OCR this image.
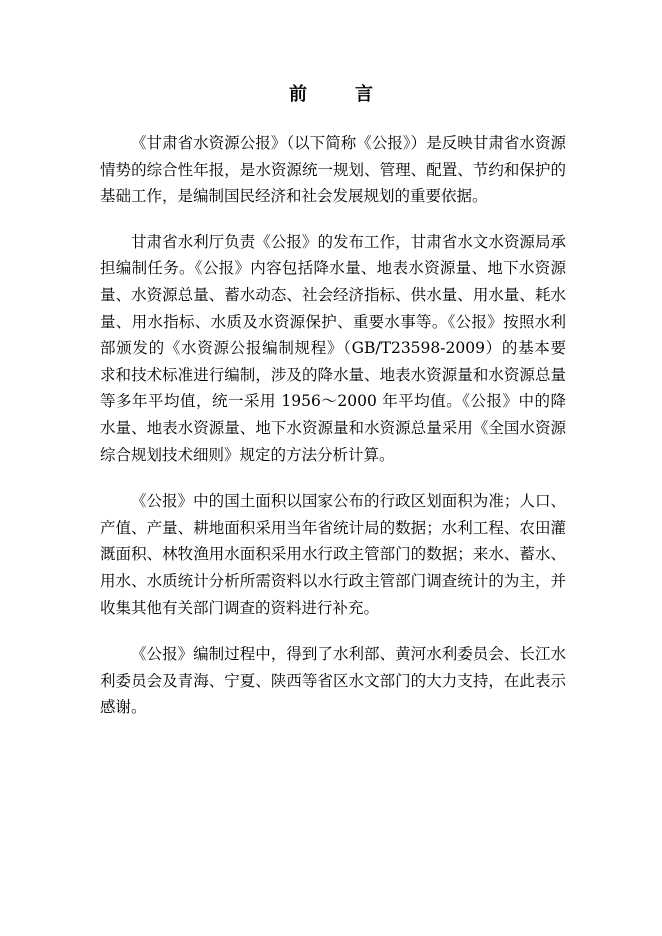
前	言

《甘肃省水资源公报》（以下简称《公报》）是反映甘肃省水资源情势的综合性年报，是水资源统一规划、管理、配置、节约和保护的基础工作，是编制国民经济和社会发展规划的重要依据。

甘肃省水利厅负责《公报》的发布工作，甘肃省水文水资源局承担编制任务。《公报》内容包括降水量、地表水资源量、地下水资源量、水资源总量、蓄水动态、社会经济指标、供水量、用水量、耗水量、用水指标、水质及水资源保护、重要水事等。《公报》按照水利部颁发的《水资源公报编制规程》（GB/T23598-2009）的基本要求和技术标准进行编制，涉及的降水量、地表水资源量和水资源总量等多年平均值，统一采用 1956～2000 年平均值。《公报》中的降水量、地表水资源量、地下水资源量和水资源总量采用《全国水资源综合规划技术细则》规定的方法分析计算。

《公报》中的国土面积以国家公布的行政区划面积为准；人口、产值、产量、耕地面积采用当年省统计局的数据；水利工程、农田灌溉面积、林牧渔用水面积采用水行政主管部门的数据；来水、蓄水、用水、水质统计分析所需资料以水行政主管部门调查统计的为主，并收集其他有关部门调查的资料进行补充。

《公报》编制过程中，得到了水利部、黄河水利委员会、长江水利委员会及青海、宁夏、陕西等省区水文部门的大力支持，在此表示感谢。
